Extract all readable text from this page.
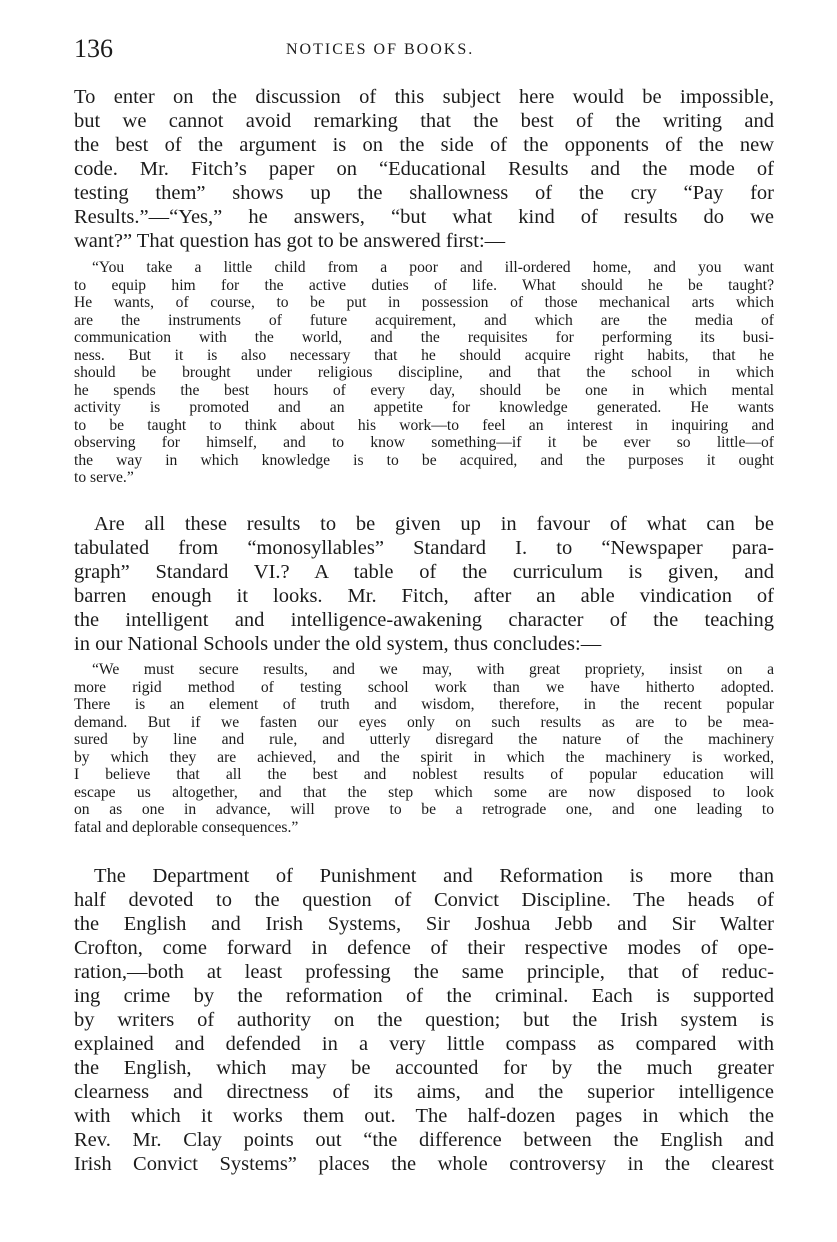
136	NOTICES OF BOOKS.
To enter on the discussion of this subject here would be impossible,
but we cannot avoid remarking that the best of the writing and
the best of the argument is on the side of the opponents of the new
code. Mr. Fitch’s paper on “Educational Results and the mode of
testing them” shows up the shallowness of the cry “Pay for
Results.”—“Yes,” he answers, “but what kind of results do we
want?” That question has got to be answered first:—
“You take a little child from a poor and ill-ordered home, and you want
to equip him for the active duties of life. What should he be taught?
He wants, of course, to be put in possession of those mechanical arts which
are the instruments of future acquirement, and which are the media of
communication with the world, and the requisites for performing its busi-
ness. But it is also necessary that he should acquire right habits, that he
should be brought under religious discipline, and that the school in which
he spends the best hours of every day, should be one in which mental
activity is promoted and an appetite for knowledge generated. He wants
to be taught to think about his work—to feel an interest in inquiring and
observing for himself, and to know something—if it be ever so little—of
the way in which knowledge is to be acquired, and the purposes it ought
to serve.”
Are all these results to be given up in favour of what can be
tabulated from “monosyllables” Standard I. to “Newspaper para-
graph” Standard VI.? A table of the curriculum is given, and
barren enough it looks. Mr. Fitch, after an able vindication of
the intelligent and intelligence-awakening character of the teaching
in our National Schools under the old system, thus concludes:—
“We must secure results, and we may, with great propriety, insist on a
more rigid method of testing school work than we have hitherto adopted.
There is an element of truth and wisdom, therefore, in the recent popular
demand. But if we fasten our eyes only on such results as are to be mea-
sured by line and rule, and utterly disregard the nature of the machinery
by which they are achieved, and the spirit in which the machinery is worked,
I believe that all the best and noblest results of popular education will
escape us altogether, and that the step which some are now disposed to look
on as one in advance, will prove to be a retrograde one, and one leading to
fatal and deplorable consequences.”
The Department of Punishment and Reformation is more than
half devoted to the question of Convict Discipline. The heads of
the English and Irish Systems, Sir Joshua Jebb and Sir Walter
Crofton, come forward in defence of their respective modes of ope-
ration,—both at least professing the same principle, that of reduc-
ing crime by the reformation of the criminal. Each is supported
by writers of authority on the question; but the Irish system is
explained and defended in a very little compass as compared with
the English, which may be accounted for by the much greater
clearness and directness of its aims, and the superior intelligence
with which it works them out. The half-dozen pages in which the
Rev. Mr. Clay points out “the difference between the English and
Irish Convict Systems” places the whole controversy in the clearest
